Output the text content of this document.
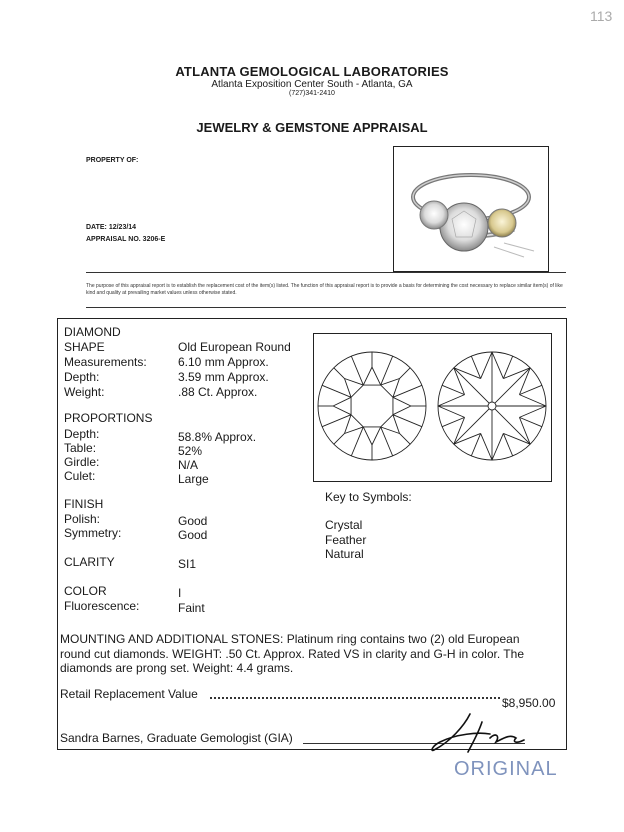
113
ATLANTA GEMOLOGICAL LABORATORIES
Atlanta Exposition Center South - Atlanta, GA
(727)341-2410
JEWELRY & GEMSTONE APPRAISAL
PROPERTY OF:
DATE: 12/23/14
APPRAISAL NO. 3206-E
The purpose of this appraisal report is to establish the replacement cost of the item(s) listed. The function of this appraisal report is to provide a basis for determining the cost necessary to replace similar item(s) of like kind and quality at prevailing market values unless otherwise stated.
DIAMOND
SHAPE	Old European Round
Measurements:	6.10 mm Approx.
Depth:	3.59 mm Approx.
Weight:	.88 Ct. Approx.
PROPORTIONS
Depth:	58.8% Approx.
Table:	52%
Girdle:	N/A
Culet:	Large
FINISH
Polish:	Good
Symmetry:	Good
CLARITY	SI1
COLOR	I
Fluorescence:	Faint
Key to Symbols:
Crystal
Feather
Natural
MOUNTING AND ADDITIONAL STONES: Platinum ring contains two (2) old European
round cut diamonds. WEIGHT: .50 Ct. Approx. Rated VS in clarity and G-H in color. The
diamonds are prong set. Weight: 4.4 grams.
Retail Replacement Value
$8,950.00
Sandra Barnes, Graduate Gemologist (GIA)
ORIGINAL
